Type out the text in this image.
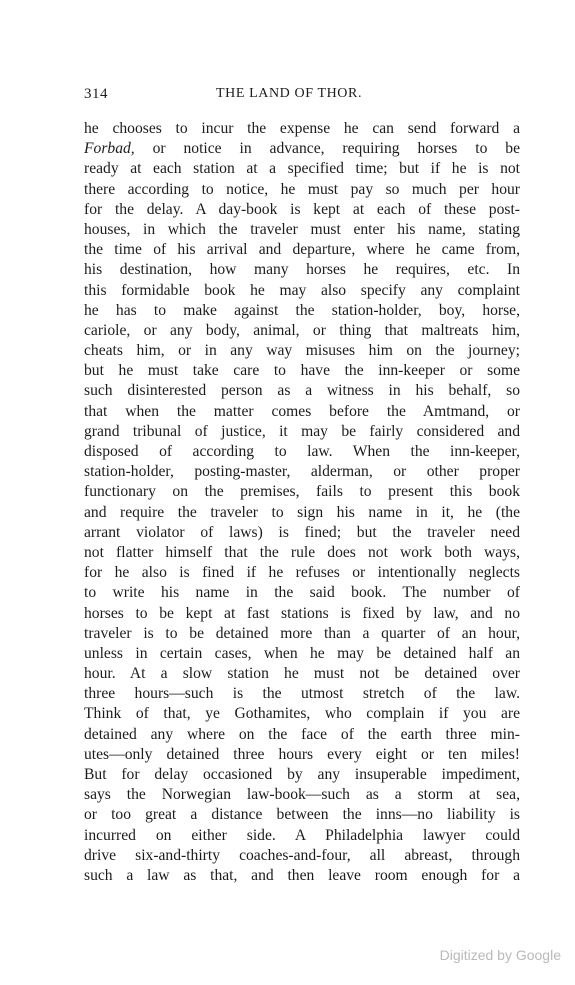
314	THE LAND OF THOR.
he chooses to incur the expense he can send forward a
Forbad, or notice in advance, requiring horses to be
ready at each station at a specified time; but if he is not
there according to notice, he must pay so much per hour
for the delay. A day-book is kept at each of these post-
houses, in which the traveler must enter his name, stating
the time of his arrival and departure, where he came from,
his destination, how many horses he requires, etc. In
this formidable book he may also specify any complaint
he has to make against the station-holder, boy, horse,
cariole, or any body, animal, or thing that maltreats him,
cheats him, or in any way misuses him on the journey;
but he must take care to have the inn-keeper or some
such disinterested person as a witness in his behalf, so
that when the matter comes before the Amtmand, or
grand tribunal of justice, it may be fairly considered and
disposed of according to law. When the inn-keeper,
station-holder, posting-master, alderman, or other proper
functionary on the premises, fails to present this book
and require the traveler to sign his name in it, he (the
arrant violator of laws) is fined; but the traveler need
not flatter himself that the rule does not work both ways,
for he also is fined if he refuses or intentionally neglects
to write his name in the said book. The number of
horses to be kept at fast stations is fixed by law, and no
traveler is to be detained more than a quarter of an hour,
unless in certain cases, when he may be detained half an
hour. At a slow station he must not be detained over
three hours—such is the utmost stretch of the law.
Think of that, ye Gothamites, who complain if you are
detained any where on the face of the earth three min-
utes—only detained three hours every eight or ten miles!
But for delay occasioned by any insuperable impediment,
says the Norwegian law-book—such as a storm at sea,
or too great a distance between the inns—no liability is
incurred on either side. A Philadelphia lawyer could
drive six-and-thirty coaches-and-four, all abreast, through
such a law as that, and then leave room enough for a
Digitized by Google
